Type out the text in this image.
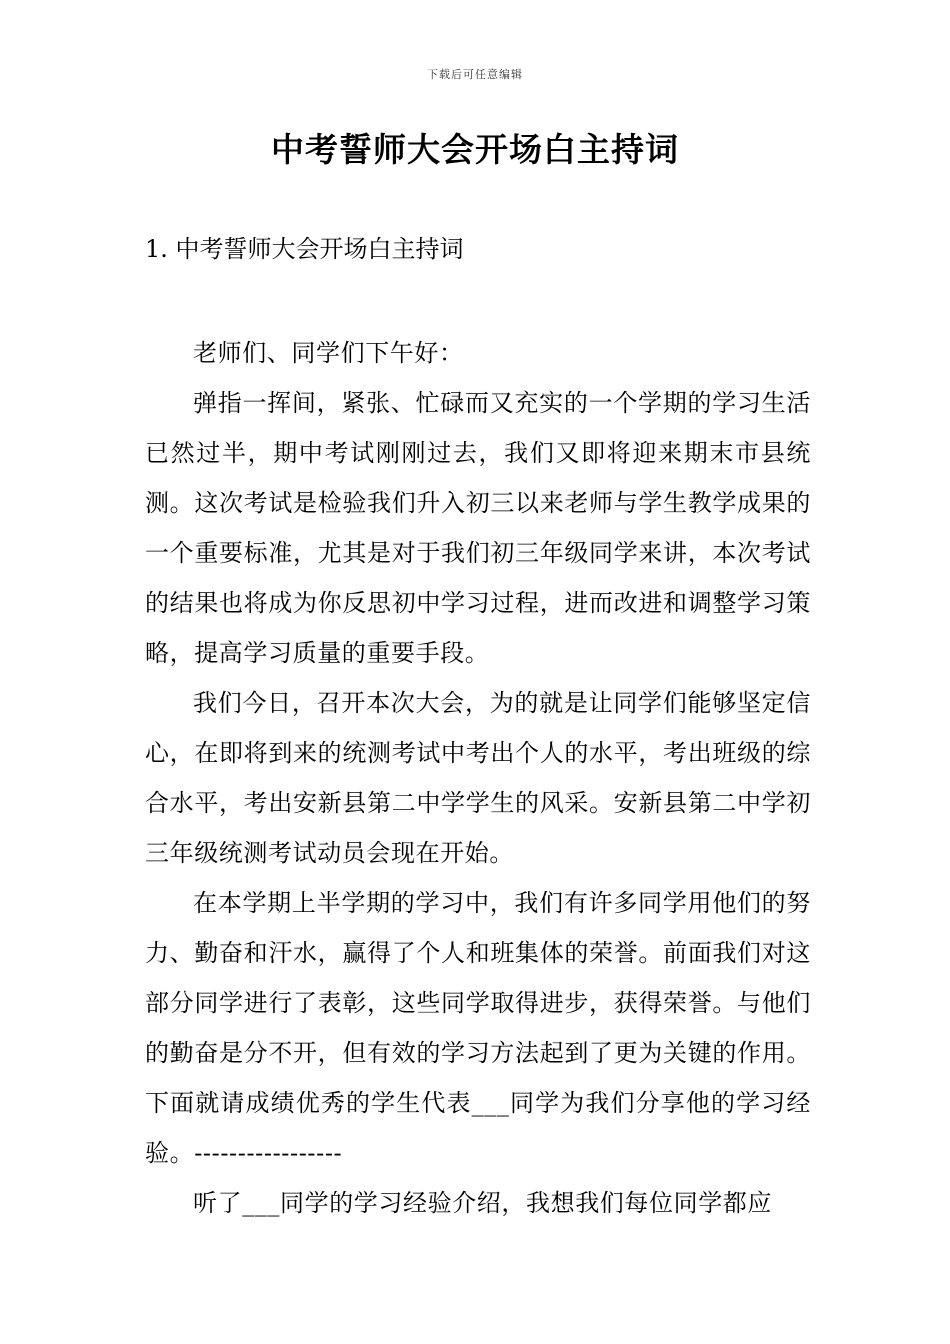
下载后可任意编辑
中考誓师大会开场白主持词
1. 中考誓师大会开场白主持词

老师们、同学们下午好：

弹指一挥间，紧张、忙碌而又充实的一个学期的学习生活已然过半，期中考试刚刚过去，我们又即将迎来期末市县统测。这次考试是检验我们升入初三以来老师与学生教学成果的一个重要标准，尤其是对于我们初三年级同学来讲，本次考试的结果也将成为你反思初中学习过程，进而改进和调整学习策略，提高学习质量的重要手段。

我们今日，召开本次大会，为的就是让同学们能够坚定信心，在即将到来的统测考试中考出个人的水平，考出班级的综合水平，考出安新县第二中学学生的风采。安新县第二中学初三年级统测考试动员会现在开始。

在本学期上半学期的学习中，我们有许多同学用他们的努力、勤奋和汗水，赢得了个人和班集体的荣誉。前面我们对这部分同学进行了表彰，这些同学取得进步，获得荣誉。与他们的勤奋是分不开，但有效的学习方法起到了更为关键的作用。下面就请成绩优秀的学生代表___同学为我们分享他的学习经验。-----------------

听了___同学的学习经验介绍，我想我们每位同学都应
